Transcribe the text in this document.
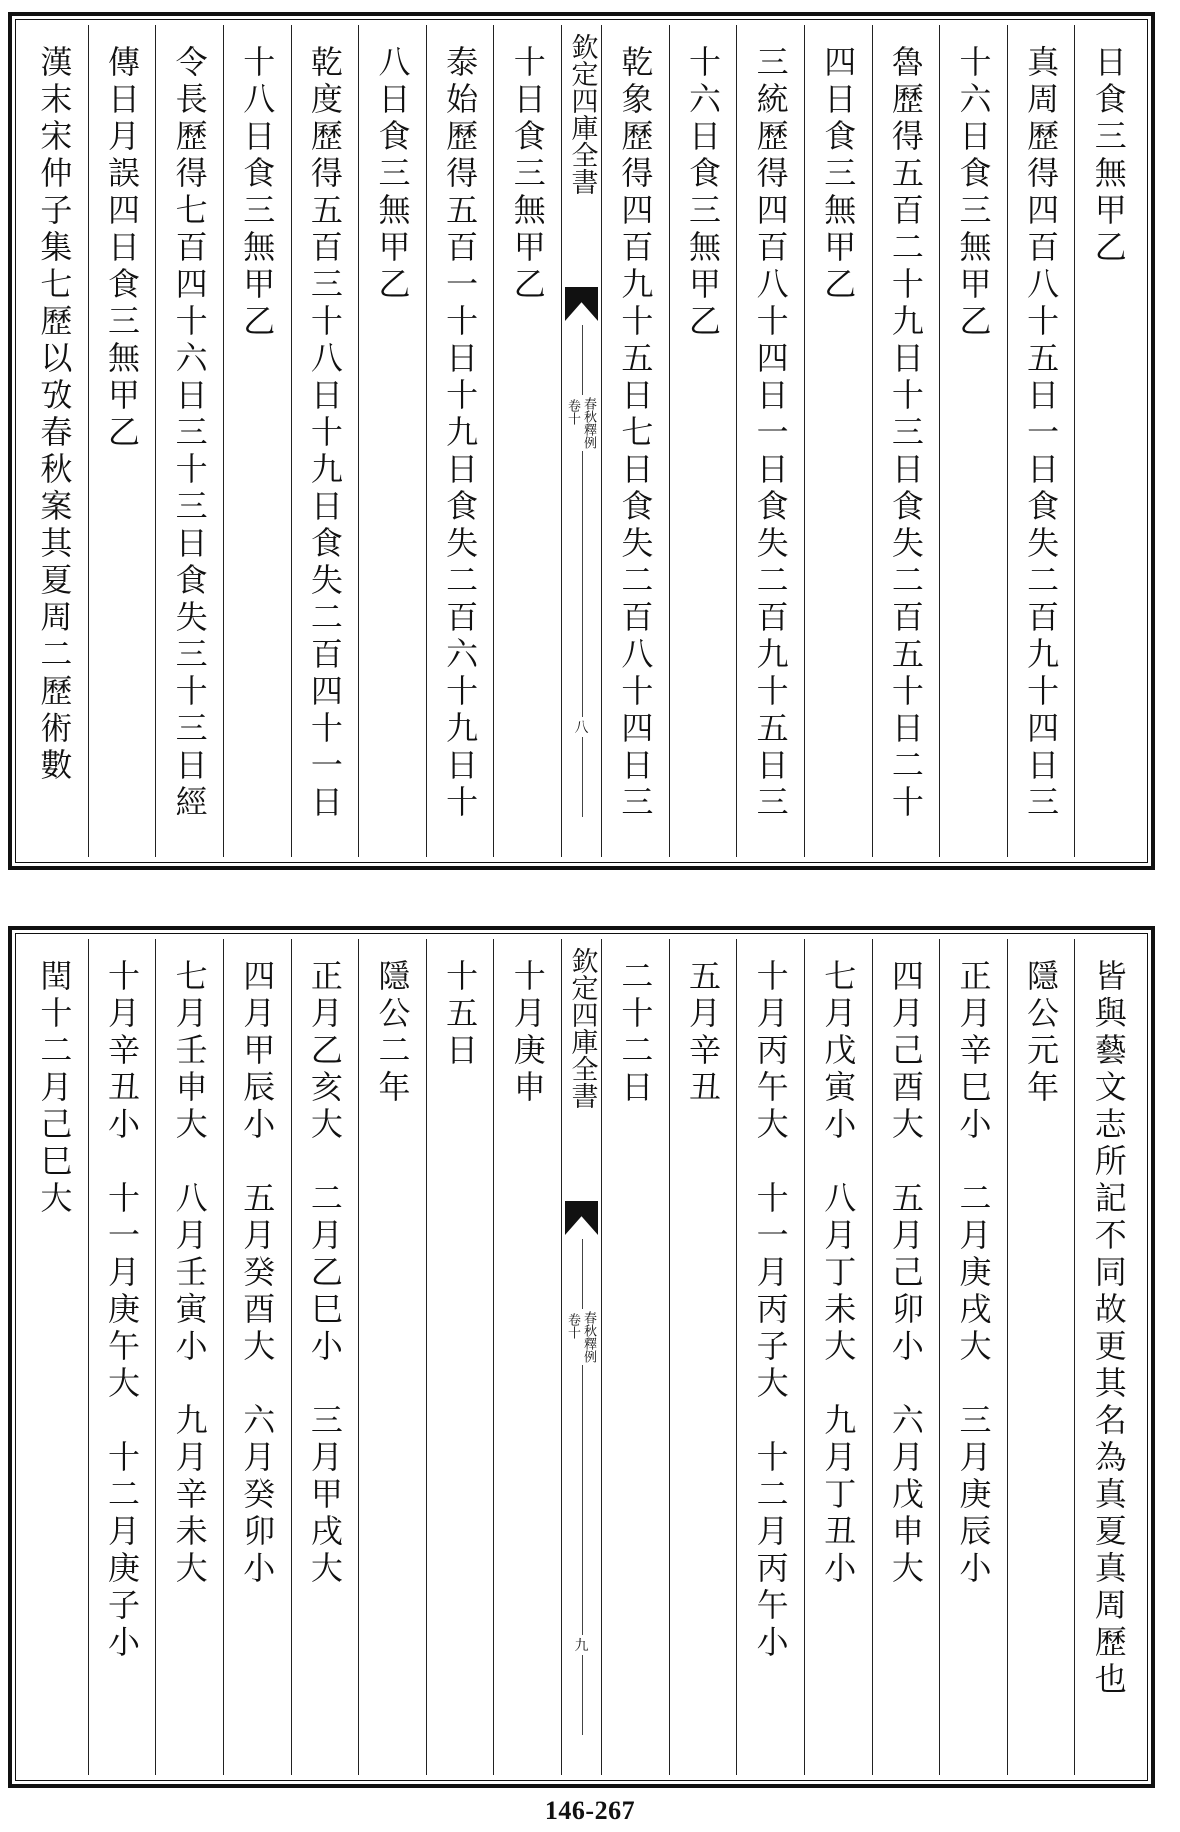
日食三無甲乙
真周歷得四百八十五日一日食失二百九十四日三
十六日食三無甲乙
魯歷得五百二十九日十三日食失二百五十日二十
四日食三無甲乙
三統歷得四百八十四日一日食失二百九十五日三
十六日食三無甲乙
乾象歷得四百九十五日七日食失二百八十四日三
欽定四庫全書
春秋釋例
卷十
八
十日食三無甲乙
泰始歷得五百一十日十九日食失二百六十九日十
八日食三無甲乙
乾度歷得五百三十八日十九日食失二百四十一日
十八日食三無甲乙
令長歷得七百四十六日三十三日食失三十三日經
傳日月誤四日食三無甲乙
漢末宋仲子集七歷以攷春秋案其夏周二歷術數
皆與藝文志所記不同故更其名為真夏真周歷也
隱公元年
正月辛巳小　二月庚戌大　三月庚辰小
四月己酉大　五月己卯小　六月戊申大
七月戊寅小　八月丁未大　九月丁丑小
十月丙午大　十一月丙子大　十二月丙午小
五月辛丑
二十二日
欽定四庫全書
春秋釋例
卷十
九
十月庚申
十五日
隱公二年
正月乙亥大　二月乙巳小　三月甲戌大
四月甲辰小　五月癸酉大　六月癸卯小
七月壬申大　八月壬寅小　九月辛未大
十月辛丑小　十一月庚午大　十二月庚子小
閏十二月己巳大
146-267
